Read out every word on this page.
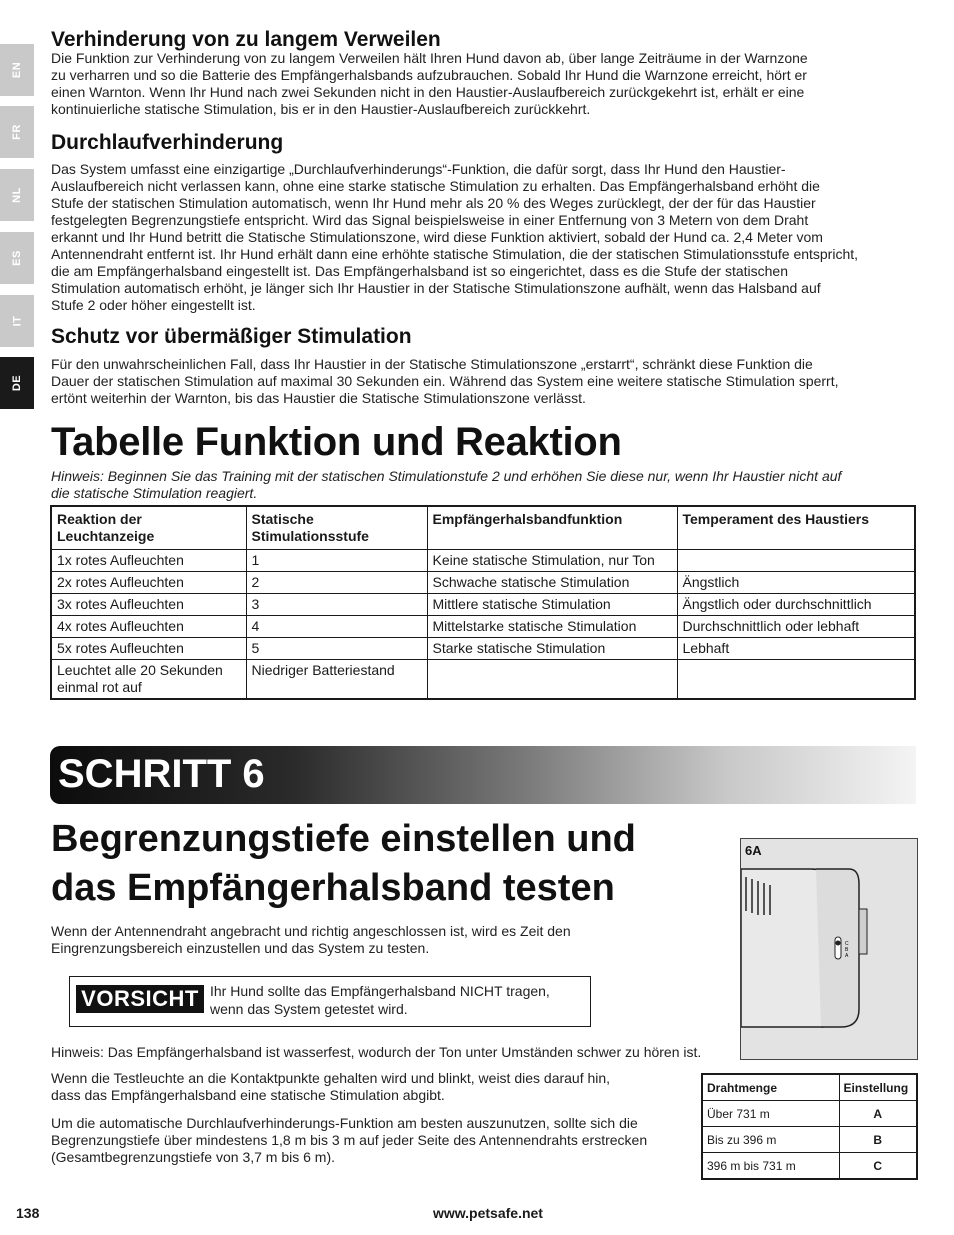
EN
FR
NL
ES
IT
DE
Verhinderung von zu langem Verweilen

Die Funktion zur Verhinderung von zu langem Verweilen hält Ihren Hund davon ab, über lange Zeiträume in der Warnzone
zu verharren und so die Batterie des Empfängerhalsbands aufzubrauchen. Sobald Ihr Hund die Warnzone erreicht, hört er
einen Warnton. Wenn Ihr Hund nach zwei Sekunden nicht in den Haustier-Auslaufbereich zurückgekehrt ist, erhält er eine
kontinuierliche statische Stimulation, bis er in den Haustier-Auslaufbereich zurückkehrt.

Durchlaufverhinderung

Das System umfasst eine einzigartige „Durchlaufverhinderungs“-Funktion, die dafür sorgt, dass Ihr Hund den Haustier-
Auslaufbereich nicht verlassen kann, ohne eine starke statische Stimulation zu erhalten. Das Empfängerhalsband erhöht die
Stufe der statischen Stimulation automatisch, wenn Ihr Hund mehr als 20 % des Weges zurücklegt, der der für das Haustier
festgelegten Begrenzungstiefe entspricht. Wird das Signal beispielsweise in einer Entfernung von 3 Metern von dem Draht
erkannt und Ihr Hund betritt die Statische Stimulationszone, wird diese Funktion aktiviert, sobald der Hund ca. 2,4 Meter vom
Antennendraht entfernt ist. Ihr Hund erhält dann eine erhöhte statische Stimulation, die der statischen Stimulationsstufe entspricht,
die am Empfängerhalsband eingestellt ist. Das Empfängerhalsband ist so eingerichtet, dass es die Stufe der statischen
Stimulation automatisch erhöht, je länger sich Ihr Haustier in der Statische Stimulationszone aufhält, wenn das Halsband auf
Stufe 2 oder höher eingestellt ist.

Schutz vor übermäßiger Stimulation

Für den unwahrscheinlichen Fall, dass Ihr Haustier in der Statische Stimulationszone „erstarrt“, schränkt diese Funktion die
Dauer der statischen Stimulation auf maximal 30 Sekunden ein. Während das System eine weitere statische Stimulation sperrt,
ertönt weiterhin der Warnton, bis das Haustier die Statische Stimulationszone verlässt.

Tabelle Funktion und Reaktion

Hinweis: Beginnen Sie das Training mit der statischen Stimulationstufe 2 und erhöhen Sie diese nur, wenn Ihr Haustier nicht auf
die statische Stimulation reagiert.

Reaktion der
Leuchtanzeige	Statische
Stimulationsstufe	Empfängerhalsbandfunktion	Temperament des Haustiers
1x rotes Aufleuchten	1	Keine statische Stimulation, nur Ton	
2x rotes Aufleuchten	2	Schwache statische Stimulation	Ängstlich
3x rotes Aufleuchten	3	Mittlere statische Stimulation	Ängstlich oder durchschnittlich
4x rotes Aufleuchten	4	Mittelstarke statische Stimulation	Durchschnittlich oder lebhaft
5x rotes Aufleuchten	5	Starke statische Stimulation	Lebhaft
Leuchtet alle 20 Sekunden
einmal rot auf	Niedriger Batteriestand		
SCHRITT 6
Begrenzungstiefe einstellen und
das Empfängerhalsband testen

Wenn der Antennendraht angebracht und richtig angeschlossen ist, wird es Zeit den
Eingrenzungsbereich einzustellen und das System zu testen.

VORSICHT Ihr Hund sollte das Empfängerhalsband NICHT tragen,
wenn das System getestet wird.

Hinweis: Das Empfängerhalsband ist wasserfest, wodurch der Ton unter Umständen schwer zu hören ist.

Wenn die Testleuchte an die Kontaktpunkte gehalten wird und blinkt, weist dies darauf hin,
dass das Empfängerhalsband eine statische Stimulation abgibt.

Um die automatische Durchlaufverhinderungs-Funktion am besten auszunutzen, sollte sich die
Begrenzungstiefe über mindestens 1,8 m bis 3 m auf jeder Seite des Antennendrahts erstrecken
(Gesamtbegrenzungstiefe von 3,7 m bis 6 m).

6A
C
B
A
Drahtmenge	Einstellung
Über 731 m	A
Bis zu 396 m	B
396 m bis 731 m	C
138	www.petsafe.net
